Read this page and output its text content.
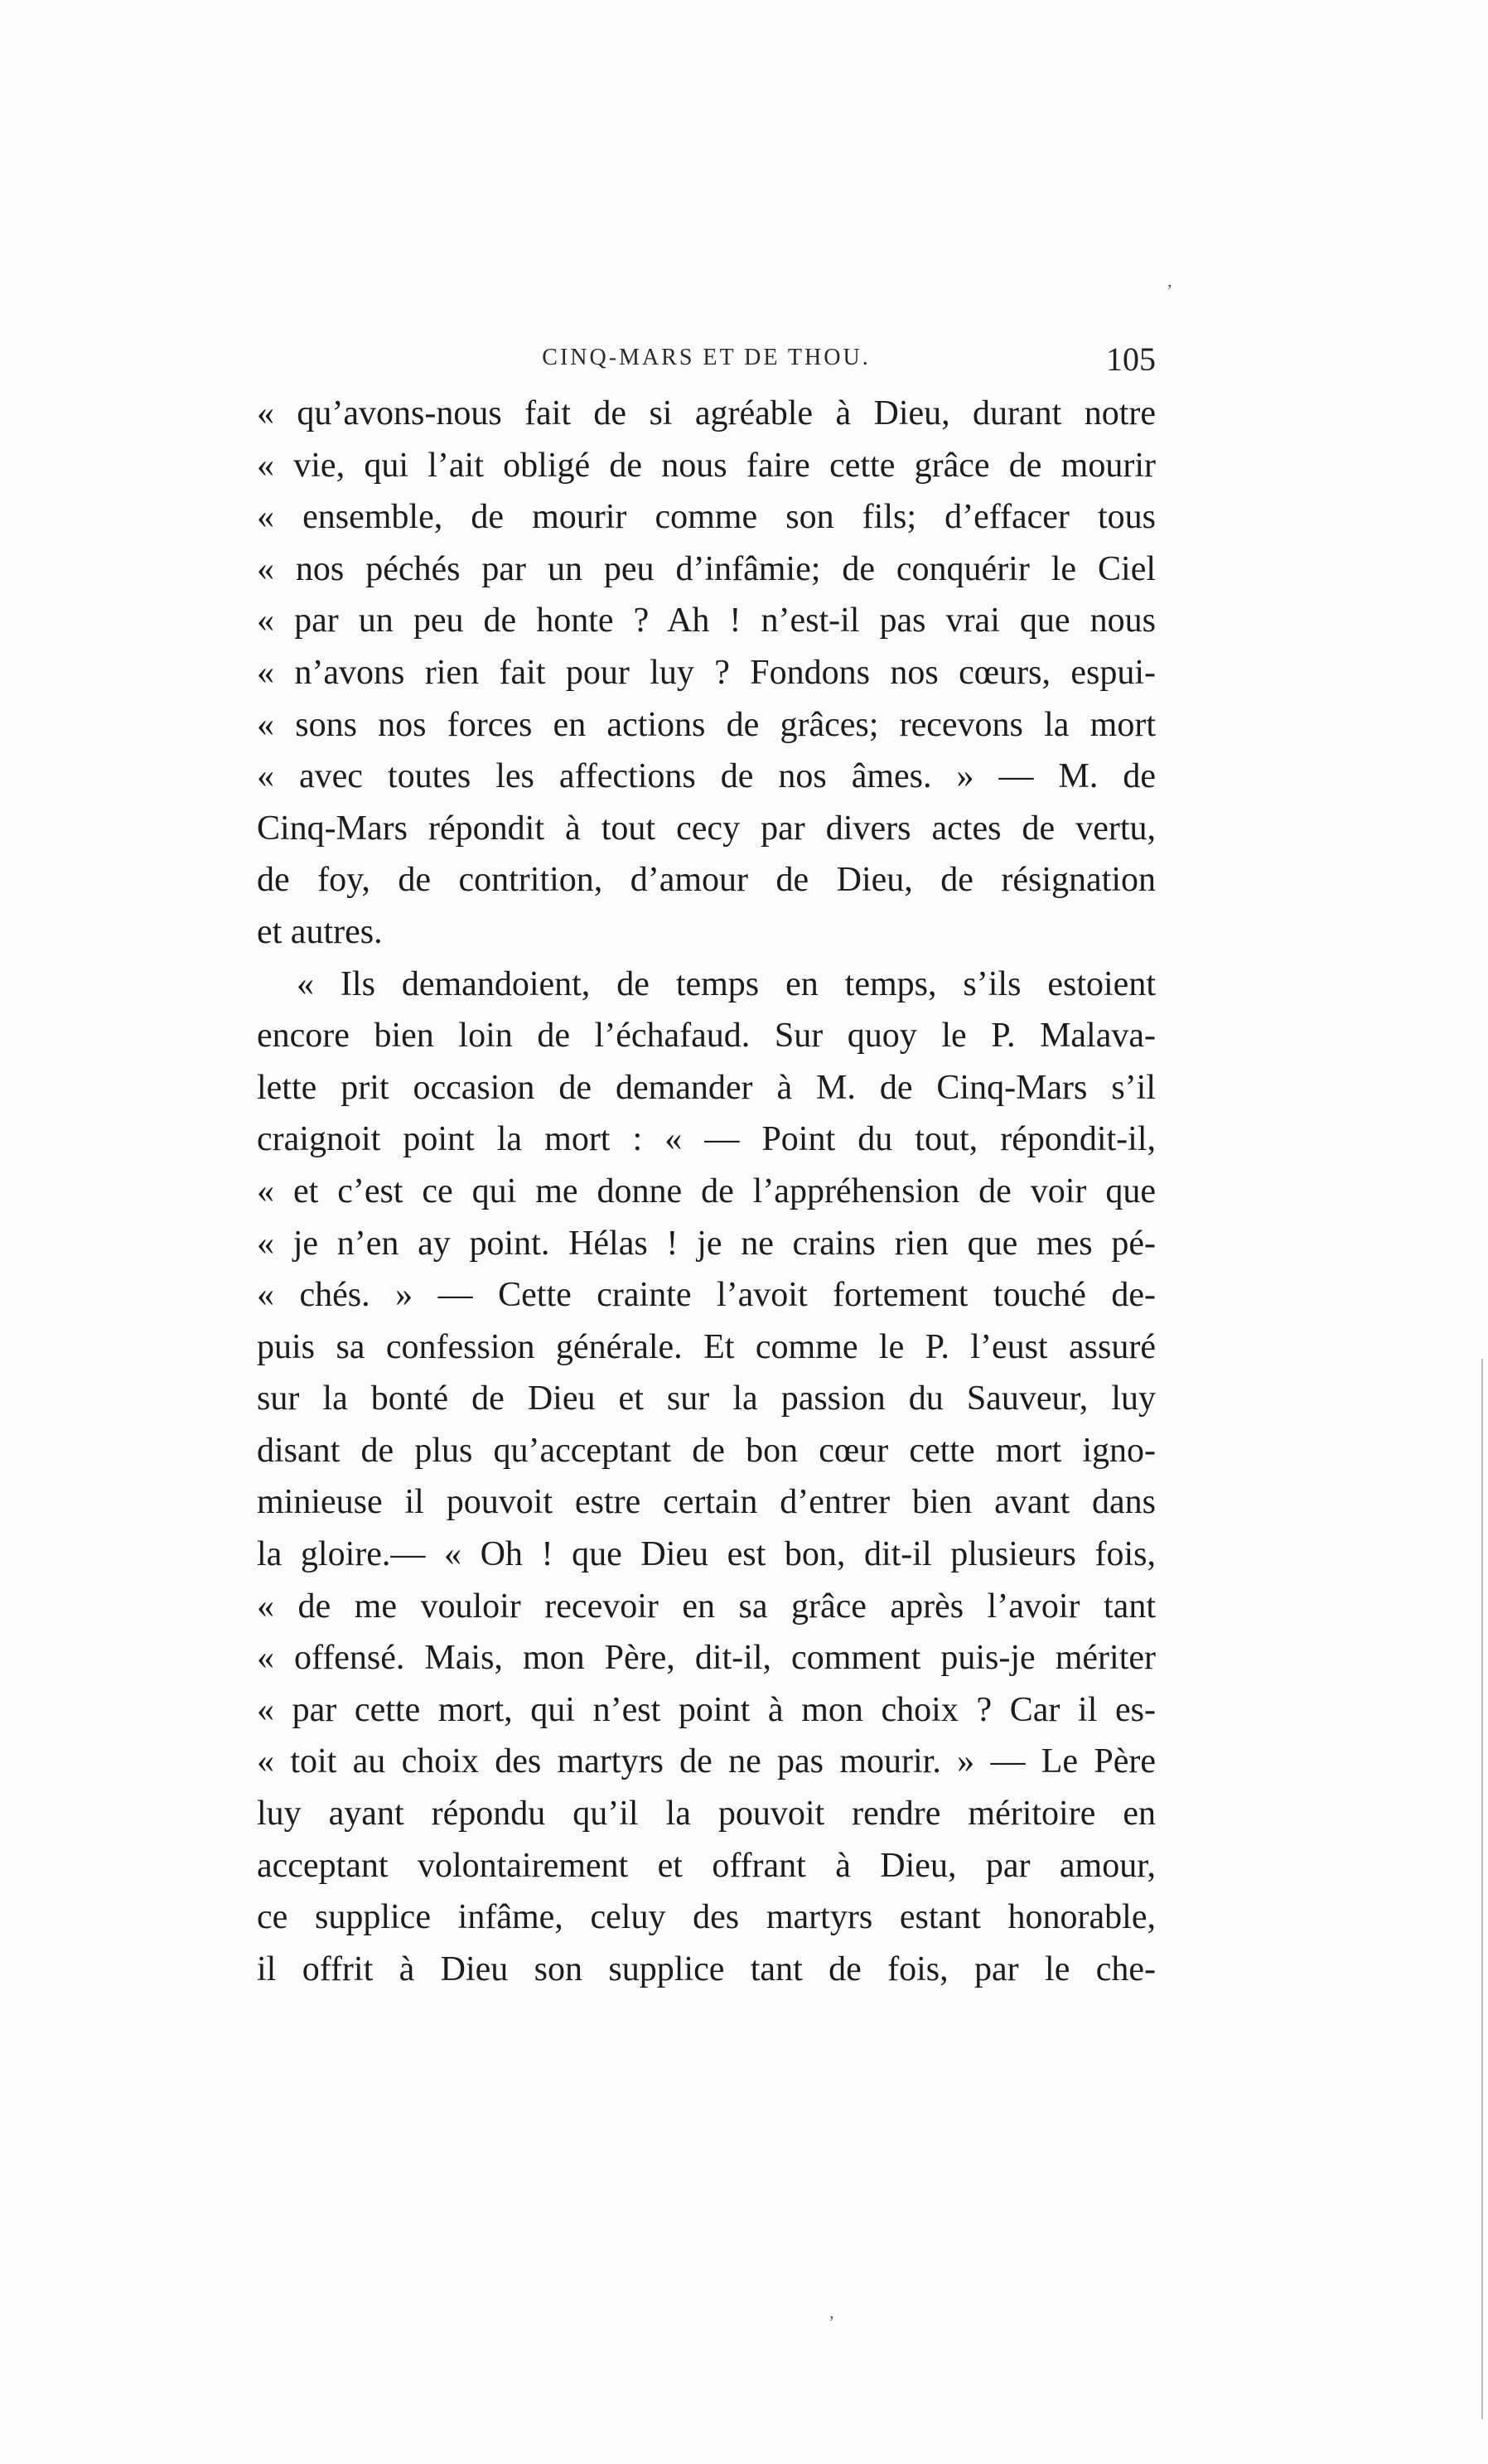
CINQ-MARS ET DE THOU.	105
« qu’avons-nous fait de si agréable à Dieu, durant notre
« vie, qui l’ait obligé de nous faire cette grâce de mourir
« ensemble, de mourir comme son fils; d’effacer tous
« nos péchés par un peu d’infâmie; de conquérir le Ciel
« par un peu de honte ? Ah ! n’est-il pas vrai que nous
« n’avons rien fait pour luy ? Fondons nos cœurs, espui-
« sons nos forces en actions de grâces; recevons la mort
« avec toutes les affections de nos âmes. » — M. de
Cinq-Mars répondit à tout cecy par divers actes de vertu,
de foy, de contrition, d’amour de Dieu, de résignation
et autres.
« Ils demandoient, de temps en temps, s’ils estoient
encore bien loin de l’échafaud. Sur quoy le P. Malava-
lette prit occasion de demander à M. de Cinq-Mars s’il
craignoit point la mort : « — Point du tout, répondit-il,
« et c’est ce qui me donne de l’appréhension de voir que
« je n’en ay point. Hélas ! je ne crains rien que mes pé-
« chés. » — Cette crainte l’avoit fortement touché de-
puis sa confession générale. Et comme le P. l’eust assuré
sur la bonté de Dieu et sur la passion du Sauveur, luy
disant de plus qu’acceptant de bon cœur cette mort igno-
minieuse il pouvoit estre certain d’entrer bien avant dans
la gloire.— « Oh ! que Dieu est bon, dit-il plusieurs fois,
« de me vouloir recevoir en sa grâce après l’avoir tant
« offensé. Mais, mon Père, dit-il, comment puis-je mériter
« par cette mort, qui n’est point à mon choix ? Car il es-
« toit au choix des martyrs de ne pas mourir. » — Le Père
luy ayant répondu qu’il la pouvoit rendre méritoire en
acceptant volontairement et offrant à Dieu, par amour,
ce supplice infâme, celuy des martyrs estant honorable,
il offrit à Dieu son supplice tant de fois, par le che-
’
’
